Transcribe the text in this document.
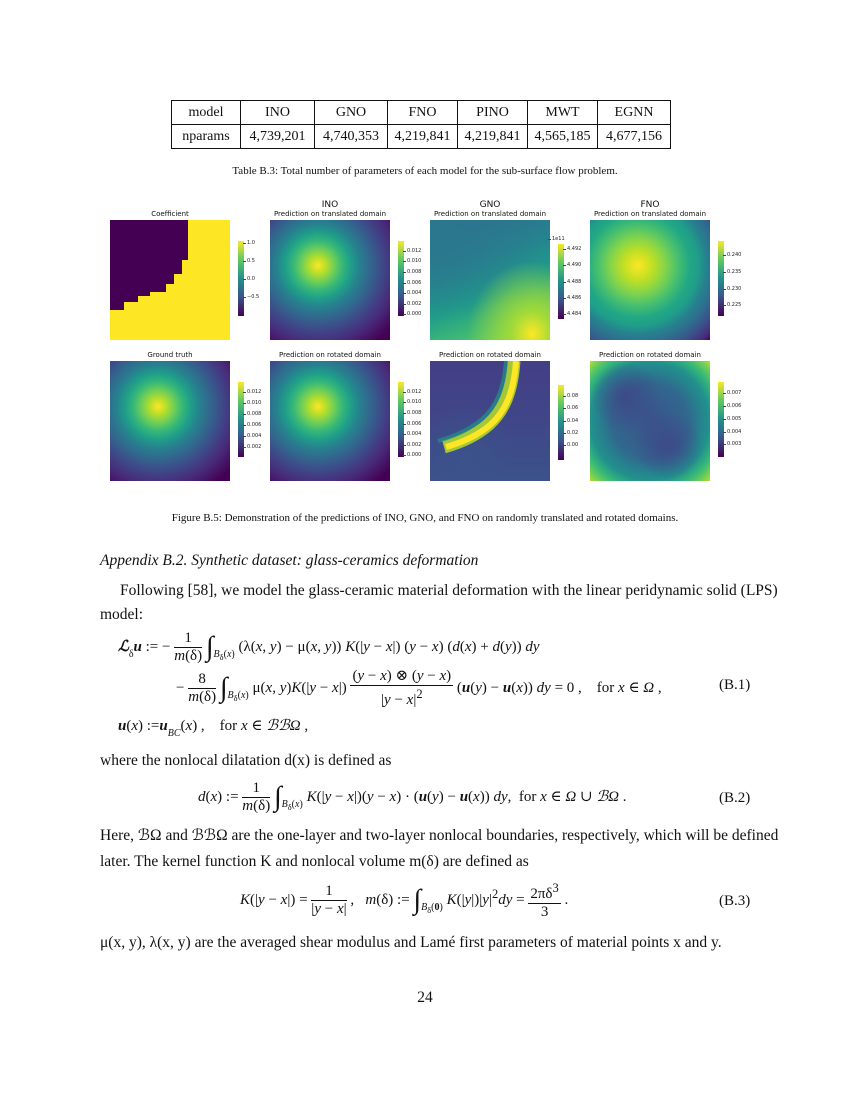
model	INO	GNO	FNO	PINO	MWT	EGNN
nparams	4,739,201	4,740,353	4,219,841	4,219,841	4,565,185	4,677,156
Table B.3: Total number of parameters of each model for the sub-surface flow problem.
INO	GNO	FNO
Coefficient
1.0
0.5
0.0
−0.5
Prediction on translated domain
0.012
0.010
0.008
0.006
0.004
0.002
0.000
Prediction on translated domain
1e11
4.492
4.490
4.488
4.486
4.484
Prediction on translated domain
0.240
0.235
0.230
0.225
Ground truth
0.012
0.010
0.008
0.006
0.004
0.002
Prediction on rotated domain
0.012
0.010
0.008
0.006
0.004
0.002
0.000
Prediction on rotated domain
0.08
0.06
0.04
0.02
0.00
Prediction on rotated domain
0.007
0.006
0.005
0.004
0.003
Figure B.5: Demonstration of the predictions of INO, GNO, and FNO on randomly translated and rotated domains.
Appendix B.2. Synthetic dataset: glass-ceramics deformation
Following [58], we model the glass-ceramic material deformation with the linear peridynamic solid (LPS)
model:
ℒ$_\delta$u := − $\frac{1}{m(\delta)} \int_{B_\delta(x)}$ (λ(x, y) − μ(x, y)) K(|y − x|) (y − x) (d(x) + d(y)) dy
− $\frac{8}{m(\delta)} \int_{B_\delta(x)}$ μ(x, $y)K(|y - x|) \frac{(y - x) \otimes (y - x)}{|y - x|^2} (u(y) - u(x))$ dy = 0 ,    for x ∈ Ω ,
u(x) $:=u_{BC}(x)$ ,    for x ∈ ℬℬΩ ,
(B.1)
where the nonlocal dilatation d(x) is defined as
d(x) := $\frac{1}{m(\delta)} \int_{B_\delta(x)}$ K(|y − x|)(y − x) · (u(y) − u(x)) dy,  for x ∈ Ω ∪ ℬΩ .	(B.2)
Here, ℬΩ and ℬℬΩ are the one-layer and two-layer nonlocal boundaries, respectively, which will be defined
later. The kernel function K and nonlocal volume m(δ) are defined as
$K(|y - x|) = \frac{1}{|y - x|}$ ,   m(δ) := $\int_{B_\delta(0)}$ $K(|y|)|y|^2dy = \frac{2\pi\delta^3}{3}$ .	(B.3)
μ(x, y), λ(x, y) are the averaged shear modulus and Lamé first parameters of material points x and y.
24
